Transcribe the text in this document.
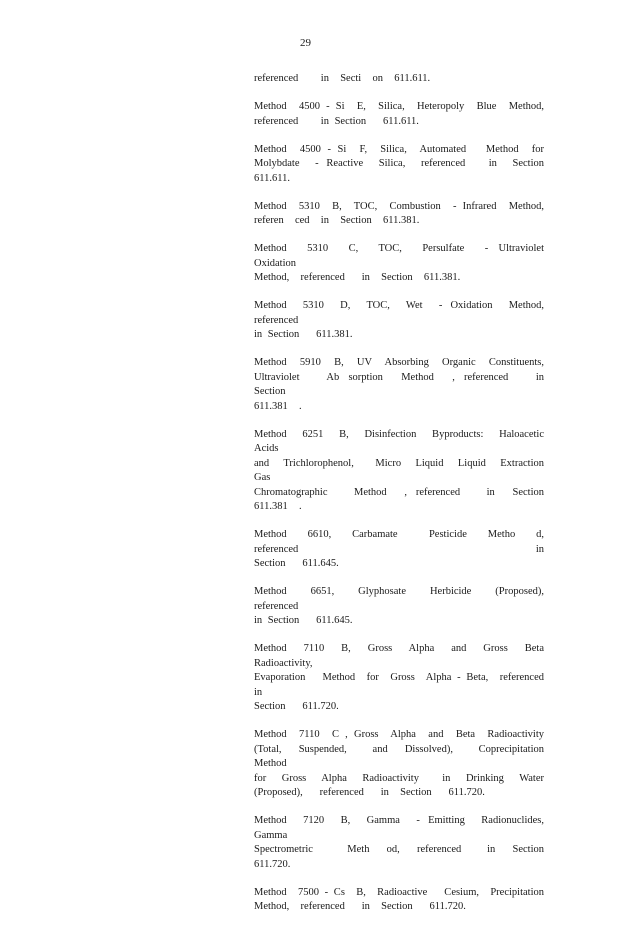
29
referenced    in  Secti  on  611.611.
Method  4500 - Si  E,  Silica,  Heteropoly  Blue  Method,
referenced    in Section   611.611.
Method  4500 - Si  F,  Silica,  Automated   Method  for
Molybdate  - Reactive  Silica,  referenced   in  Section  611.611.
Method  5310  B,  TOC,  Combustion  - Infrared  Method,
referen  ced  in  Section  611.381.
Method  5310  C,  TOC,  Persulfate  - Ultraviolet  Oxidation
Method,  referenced   in  Section  611.381.
Method  5310  D,  TOC,  Wet  - Oxidation  Method,  referenced
in Section   611.381.
Method  5910  B,  UV  Absorbing  Organic  Constituents,
Ultraviolet   Ab sorption  Method  , referenced   in  Section
611.381  .
Method  6251  B,  Disinfection  Byproducts:  Haloacetic  Acids
and  Trichlorophenol,   Micro  Liquid  Liquid  Extraction  Gas
Chromatographic   Method  , referenced   in  Section   611.381  .
Method  6610,  Carbamate   Pesticide  Metho  d,  referenced   in
Section   611.645.
Method  6651,  Glyphosate  Herbicide  (Proposed),   referenced
in Section   611.645.
Method  7110  B,  Gross  Alpha  and  Gross  Beta  Radioactivity,
Evaporation   Method  for  Gross  Alpha - Beta,  referenced   in
Section   611.720.
Method  7110  C , Gross  Alpha  and  Beta  Radioactivity
(Total,  Suspended,   and  Dissolved),   Coprecipitation   Method
for  Gross  Alpha  Radioactivity   in  Drinking  Water
(Proposed),   referenced   in  Section   611.720.
Method  7120  B,  Gamma  - Emitting  Radionuclides,   Gamma
Spectrometric    Meth  od,  referenced   in  Section   611.720.
Method  7500 - Cs  B,  Radioactive   Cesium,  Precipitation
Method,  referenced   in  Section   611.720.
